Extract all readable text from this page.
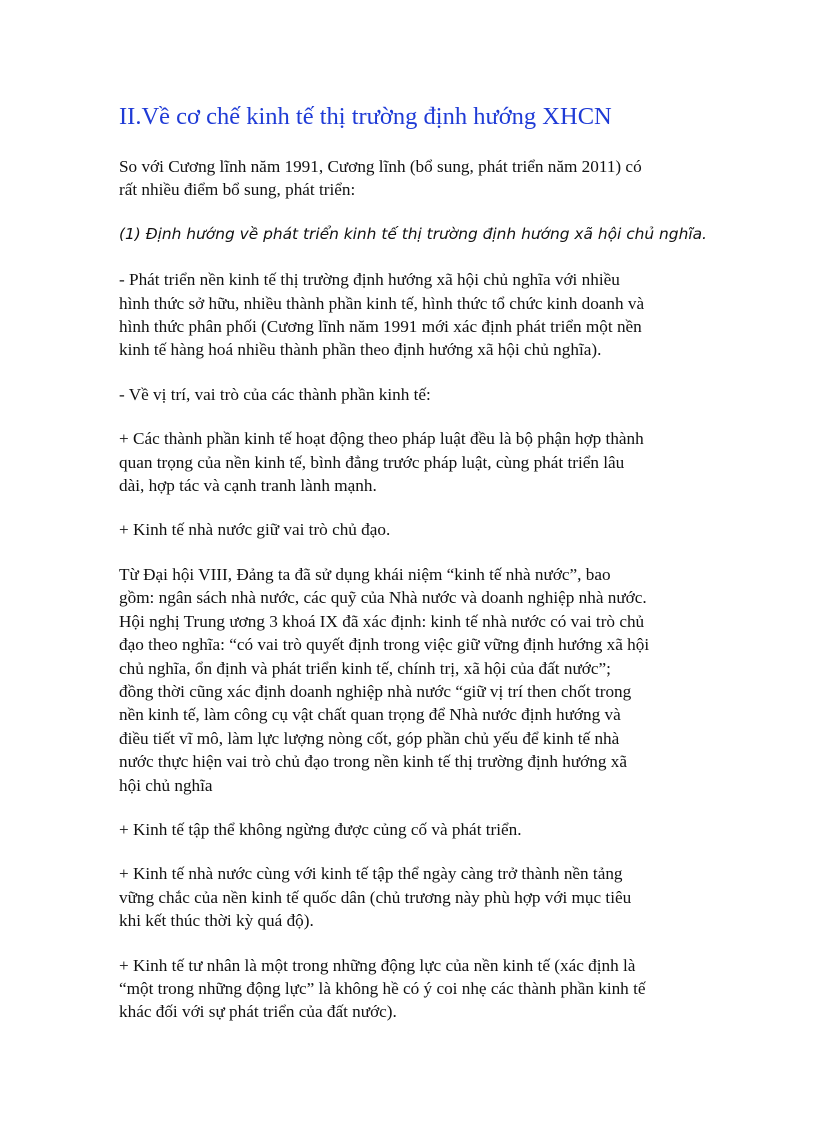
II.Về cơ chế kinh tế thị trường định hướng XHCN

So với Cương lĩnh năm 1991, Cương lĩnh (bổ sung, phát triển năm 2011) có
rất nhiều điểm bổ sung, phát triển:

(1) Định hướng về phát triển kinh tế thị trường định hướng xã hội chủ nghĩa.

- Phát triển nền kinh tế thị trường định hướng xã hội chủ nghĩa với nhiều
hình thức sở hữu, nhiều thành phần kinh tế, hình thức tổ chức kinh doanh và
hình thức phân phối (Cương lĩnh năm 1991 mới xác định phát triển một nền
kinh tế hàng hoá nhiều thành phần theo định hướng xã hội chủ nghĩa).

- Về vị trí, vai trò của các thành phần kinh tế:

+ Các thành phần kinh tế hoạt động theo pháp luật đều là bộ phận hợp thành
quan trọng của nền kinh tế, bình đẳng trước pháp luật, cùng phát triển lâu
dài, hợp tác và cạnh tranh lành mạnh.

+ Kinh tế nhà nước giữ vai trò chủ đạo.

Từ Đại hội VIII, Đảng ta đã sử dụng khái niệm “kinh tế nhà nước”, bao
gồm: ngân sách nhà nước, các quỹ của Nhà nước và doanh nghiệp nhà nước.
Hội nghị Trung ương 3 khoá IX đã xác định: kinh tế nhà nước có vai trò chủ
đạo theo nghĩa: “có vai trò quyết định trong việc giữ vững định hướng xã hội
chủ nghĩa, ổn định và phát triển kinh tế, chính trị, xã hội của đất nước”;
đồng thời cũng xác định doanh nghiệp nhà nước “giữ vị trí then chốt trong
nền kinh tế, làm công cụ vật chất quan trọng để Nhà nước định hướng và
điều tiết vĩ mô, làm lực lượng nòng cốt, góp phần chủ yếu để kinh tế nhà
nước thực hiện vai trò chủ đạo trong nền kinh tế thị trường định hướng xã
hội chủ nghĩa

+ Kinh tế tập thể không ngừng được củng cố và phát triển.

+ Kinh tế nhà nước cùng với kinh tế tập thể ngày càng trở thành nền tảng
vững chắc của nền kinh tế quốc dân (chủ trương này phù hợp với mục tiêu
khi kết thúc thời kỳ quá độ).

+ Kinh tế tư nhân là một trong những động lực của nền kinh tế (xác định là
“một trong những động lực” là không hề có ý coi nhẹ các thành phần kinh tế
khác đối với sự phát triển của đất nước).
